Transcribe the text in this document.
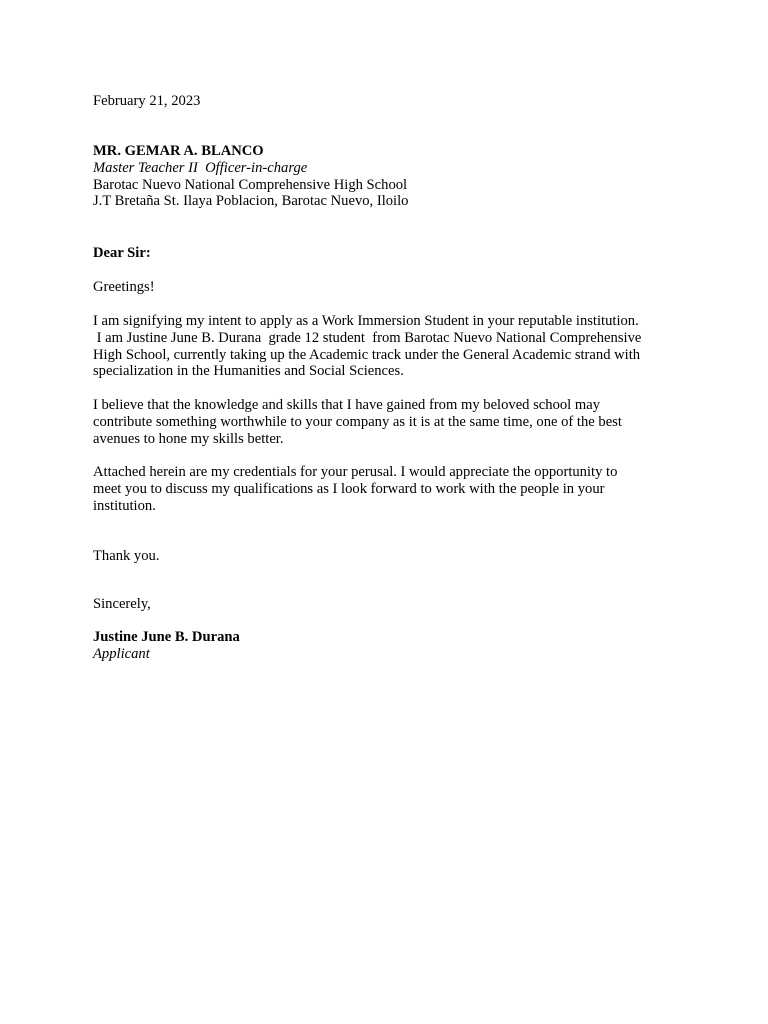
February 21, 2023
MR. GEMAR A. BLANCO
Master Teacher II  Officer-in-charge
Barotac Nuevo National Comprehensive High School
J.T Bretaña St. Ilaya Poblacion, Barotac Nuevo, Iloilo
Dear Sir:
Greetings!
I am signifying my intent to apply as a Work Immersion Student in your reputable institution.
I am Justine June B. Durana  grade 12 student  from Barotac Nuevo National Comprehensive
High School, currently taking up the Academic track under the General Academic strand with
specialization in the Humanities and Social Sciences.
I believe that the knowledge and skills that I have gained from my beloved school may
contribute something worthwhile to your company as it is at the same time, one of the best
avenues to hone my skills better.
Attached herein are my credentials for your perusal. I would appreciate the opportunity to
meet you to discuss my qualifications as I look forward to work with the people in your
institution.
Thank you.
Sincerely,
Justine June B. Durana
Applicant
